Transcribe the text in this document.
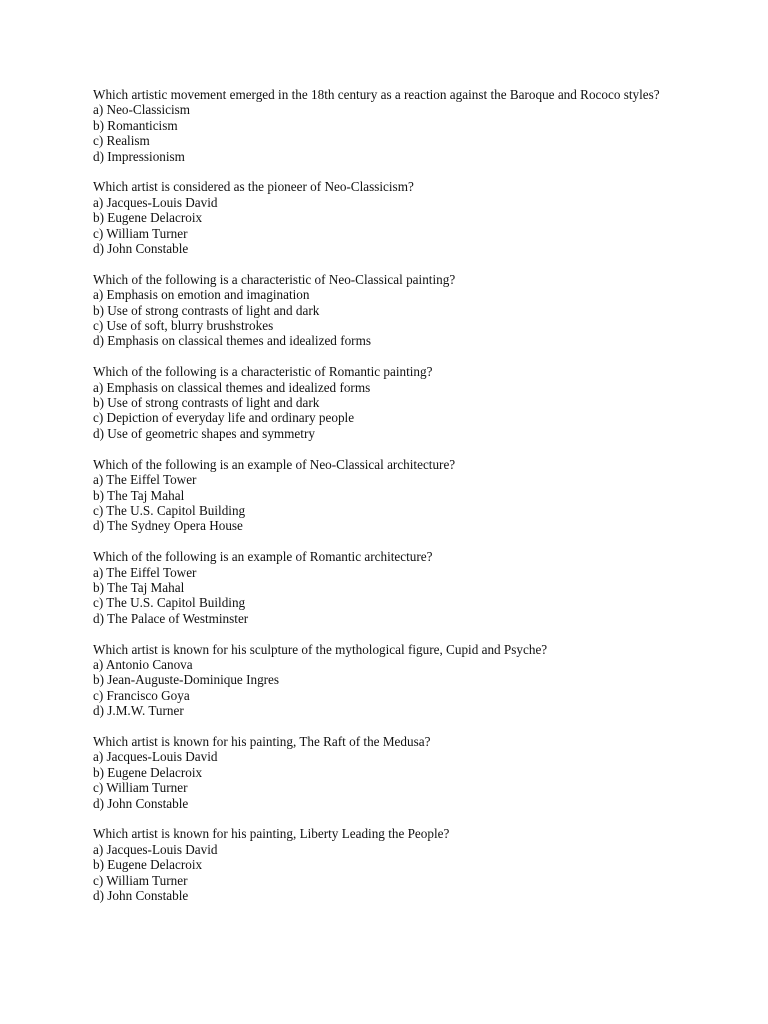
Which artistic movement emerged in the 18th century as a reaction against the Baroque and Rococo styles?
a) Neo-Classicism
b) Romanticism
c) Realism
d) Impressionism
Which artist is considered as the pioneer of Neo-Classicism?
a) Jacques-Louis David
b) Eugene Delacroix
c) William Turner
d) John Constable
Which of the following is a characteristic of Neo-Classical painting?
a) Emphasis on emotion and imagination
b) Use of strong contrasts of light and dark
c) Use of soft, blurry brushstrokes
d) Emphasis on classical themes and idealized forms
Which of the following is a characteristic of Romantic painting?
a) Emphasis on classical themes and idealized forms
b) Use of strong contrasts of light and dark
c) Depiction of everyday life and ordinary people
d) Use of geometric shapes and symmetry
Which of the following is an example of Neo-Classical architecture?
a) The Eiffel Tower
b) The Taj Mahal
c) The U.S. Capitol Building
d) The Sydney Opera House
Which of the following is an example of Romantic architecture?
a) The Eiffel Tower
b) The Taj Mahal
c) The U.S. Capitol Building
d) The Palace of Westminster
Which artist is known for his sculpture of the mythological figure, Cupid and Psyche?
a) Antonio Canova
b) Jean-Auguste-Dominique Ingres
c) Francisco Goya
d) J.M.W. Turner
Which artist is known for his painting, The Raft of the Medusa?
a) Jacques-Louis David
b) Eugene Delacroix
c) William Turner
d) John Constable
Which artist is known for his painting, Liberty Leading the People?
a) Jacques-Louis David
b) Eugene Delacroix
c) William Turner
d) John Constable
